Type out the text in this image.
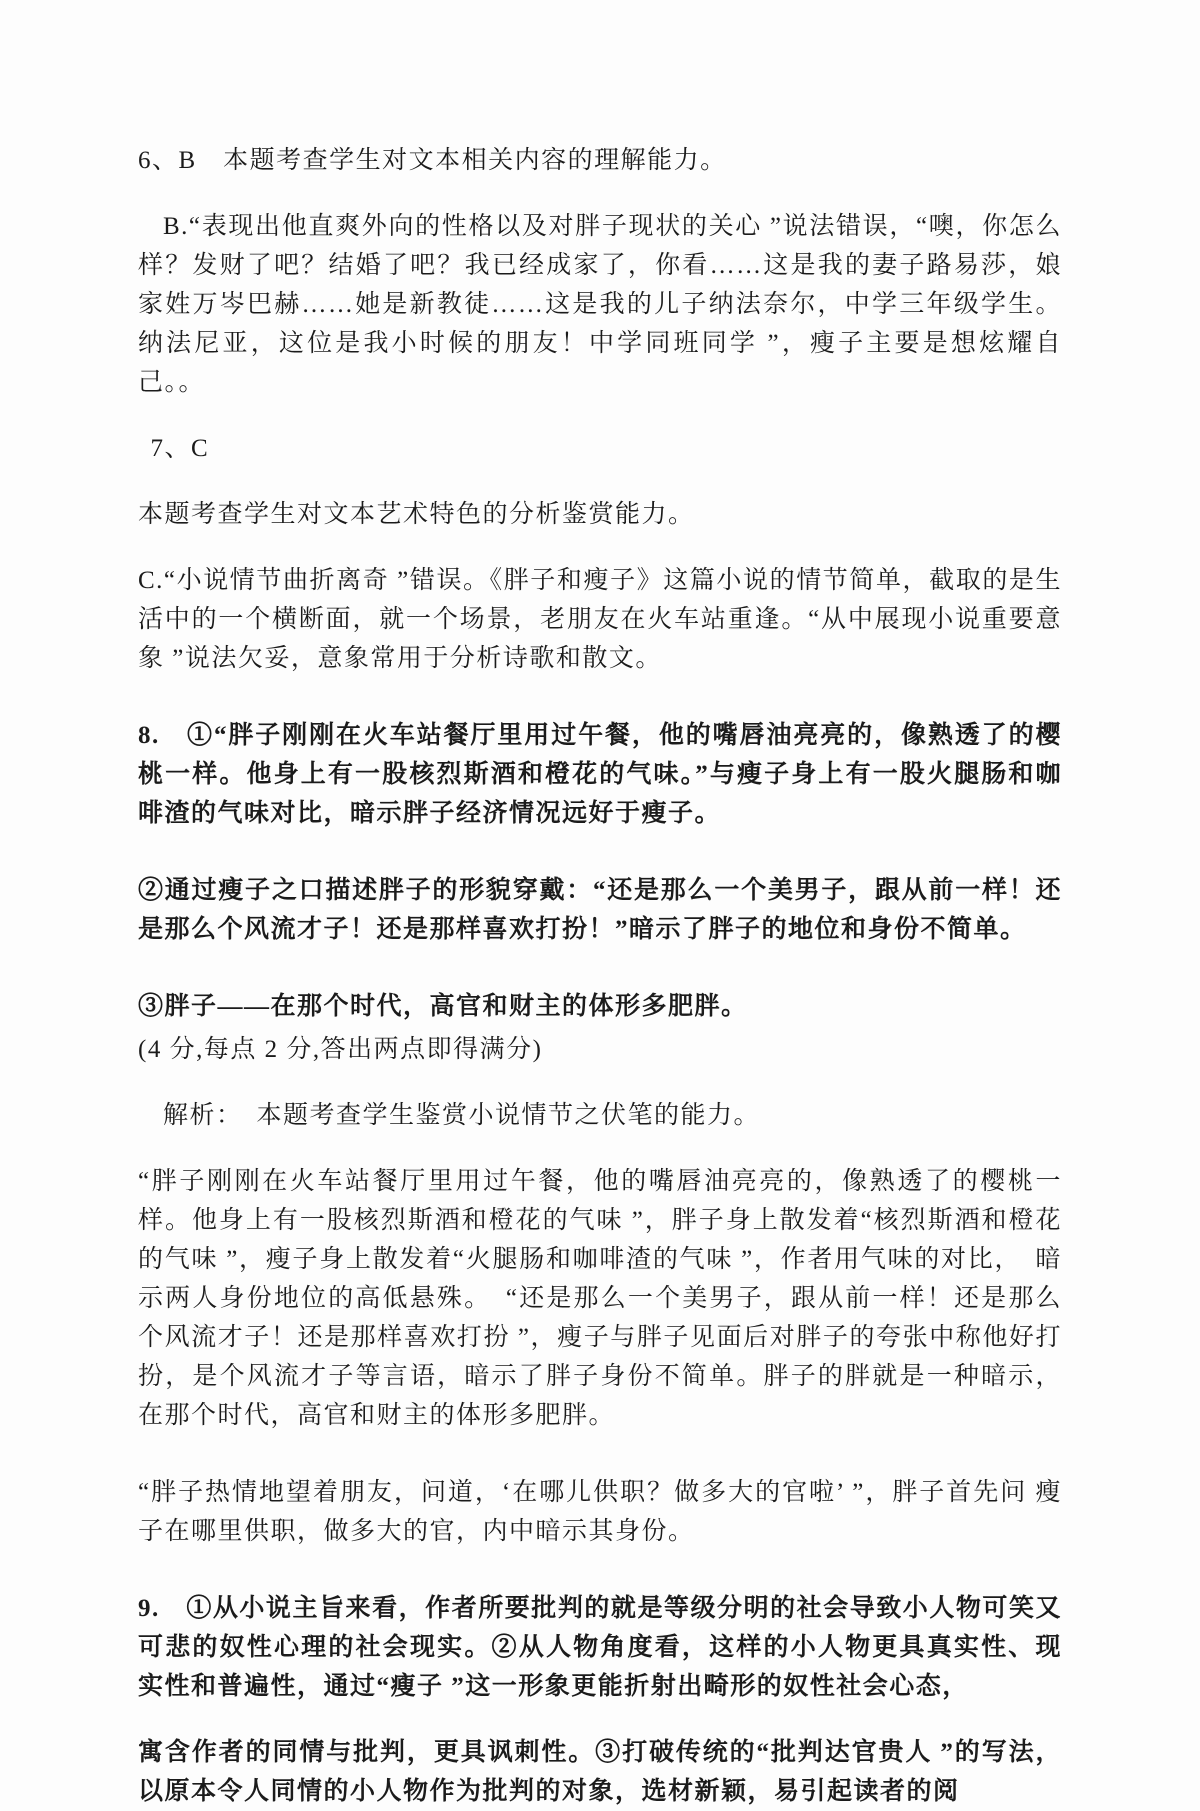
6、B　本题考查学生对文本相关内容的理解能力。

B.“表现出他直爽外向的性格以及对胖子现状的关心 ”说法错误，“噢，你怎么样？发财了吧？结婚了吧？我已经成家了，你看……这是我的妻子路易莎，娘家姓万岑巴赫……她是新教徒……这是我的儿子纳法奈尔，中学三年级学生。纳法尼亚，这位是我小时候的朋友！中学同班同学 ”，瘦子主要是想炫耀自己。。

7、C

本题考查学生对文本艺术特色的分析鉴赏能力。

C.“小说情节曲折离奇 ”错误。《胖子和瘦子》这篇小说的情节简单，截取的是生活中的一个横断面，就一个场景，老朋友在火车站重逢。“从中展现小说重要意象 ”说法欠妥，意象常用于分析诗歌和散文。

8.　①“胖子刚刚在火车站餐厅里用过午餐，他的嘴唇油亮亮的，像熟透了的樱桃一样。他身上有一股核烈斯酒和橙花的气味。”与瘦子身上有一股火腿肠和咖啡渣的气味对比，暗示胖子经济情况远好于瘦子。

②通过瘦子之口描述胖子的形貌穿戴：“还是那么一个美男子，跟从前一样！还是那么个风流才子！还是那样喜欢打扮！”暗示了胖子的地位和身份不简单。

③胖子——在那个时代，高官和财主的体形多肥胖。

(4 分,每点 2 分,答出两点即得满分)

解析：　本题考查学生鉴赏小说情节之伏笔的能力。

“胖子刚刚在火车站餐厅里用过午餐，他的嘴唇油亮亮的，像熟透了的樱桃一样。他身上有一股核烈斯酒和橙花的气味 ”，胖子身上散发着“核烈斯酒和橙花的气味 ”，瘦子身上散发着“火腿肠和咖啡渣的气味 ”，作者用气味的对比，　暗示两人身份地位的高低悬殊。　“还是那么一个美男子，跟从前一样！还是那么个风流才子！还是那样喜欢打扮 ”，瘦子与胖子见面后对胖子的夸张中称他好打扮，是个风流才子等言语，暗示了胖子身份不简单。胖子的胖就是一种暗示，在那个时代，高官和财主的体形多肥胖。

“胖子热情地望着朋友，问道，‘在哪儿供职？做多大的官啦’ ”，胖子首先问 瘦子在哪里供职，做多大的官，内中暗示其身份。

9.　①从小说主旨来看，作者所要批判的就是等级分明的社会导致小人物可笑又可悲的奴性心理的社会现实。②从人物角度看，这样的小人物更具真实性、现实性和普遍性，通过“瘦子 ”这一形象更能折射出畸形的奴性社会心态，

寓含作者的同情与批判，更具讽刺性。③打破传统的“批判达官贵人 ”的写法，以原本令人同情的小人物作为批判的对象，选材新颖，易引起读者的阅
